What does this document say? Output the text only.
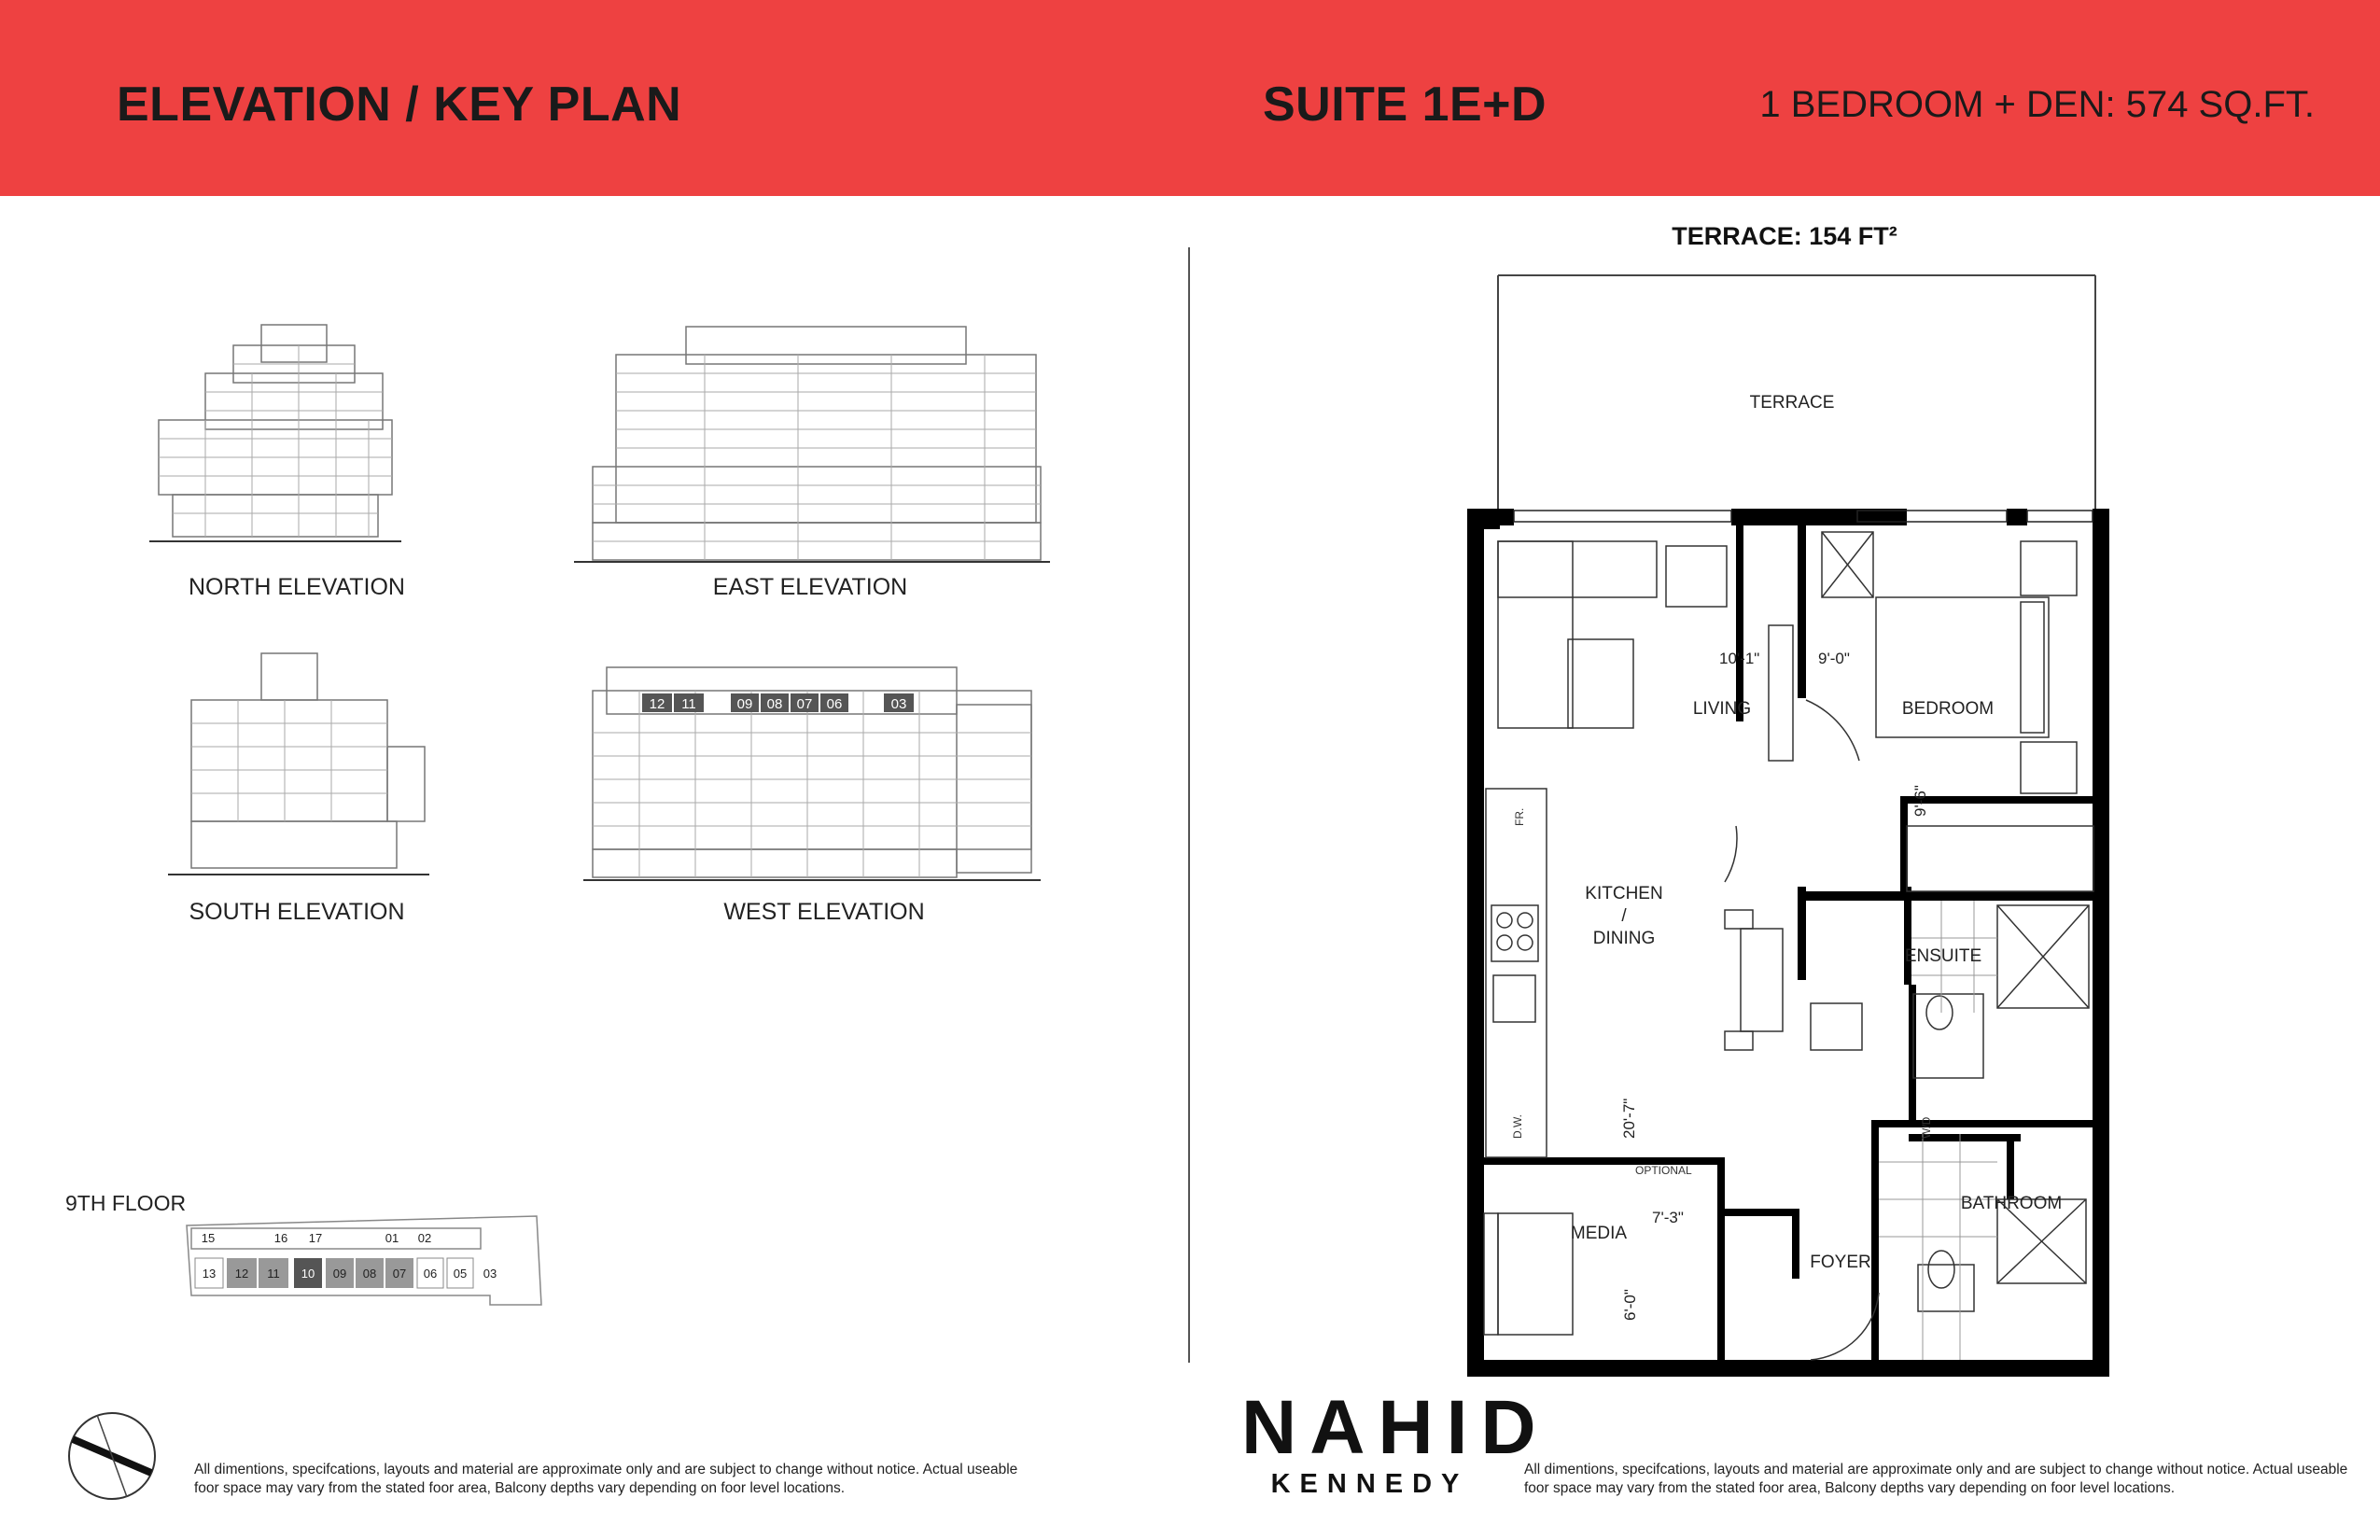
ELEVATION / KEY PLAN	SUITE 1E+D	1 BEDROOM + DEN: 574 SQ.FT.
NORTH ELEVATION	EAST ELEVATION
SOUTH ELEVATION
12 11	09 08 07 06	03
WEST ELEVATION
9TH FLOOR
15	16 17	01 02
13 12 11 10 09 08 07 06 05 03
All dimentions, specifcations, layouts and material are approximate only and are subject to change without notice. Actual useable foor space may vary from the stated foor area, Balcony depths vary depending on foor level locations.
TERRACE: 154 FT²
TERRACE
LIVING	BEDROOM
KITCHEN
/
DINING
ENSUITE
MEDIA
FOYER
BATHROOM
10'-1"	9'-0"
9'-6"
20'-7"
7'-3"
6'-0"
FR.
D.W.	W/D
OPTIONAL
NAHID
KENNEDY	All dimentions, specifcations, layouts and material are approximate only and are subject to change without notice. Actual useable foor space may vary from the stated foor area, Balcony depths vary depending on foor level locations.
